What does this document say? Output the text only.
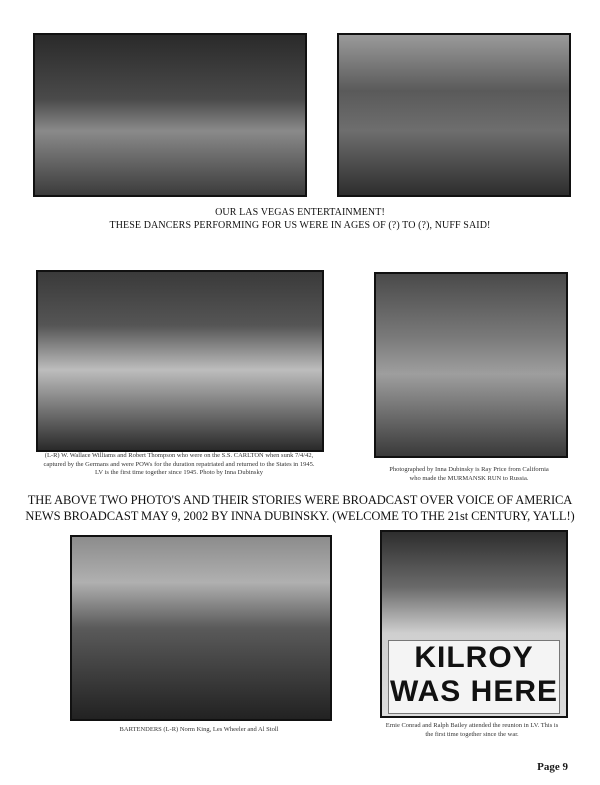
OUR LAS VEGAS ENTERTAINMENT!
THESE DANCERS PERFORMING FOR US WERE IN AGES OF (?) TO (?), NUFF SAID!
(L-R) W. Wallace Williams and Robert Thompson who were on the S.S. CARLTON when sunk 7/4/42, captured by the Germans and were POWs for the duration repatriated and returned to the States in 1945. LV is the first time together since 1945. Photo by Inna Dubinsky	Photographed by Inna Dubinsky is Ray Price from California who made the MURMANSK RUN to Russia.
THE ABOVE TWO PHOTO'S AND THEIR STORIES WERE BROADCAST OVER VOICE OF AMERICA
NEWS BROADCAST MAY 9, 2002 BY INNA DUBINSKY. (WELCOME TO THE 21st CENTURY, YA'LL!)
BARTENDERS (L-R) Norm King, Les Wheeler and Al Stoll
KILROY
WAS HERE
Ernie Conrad and Ralph Bailey attended the reunion in LV. This is the first time together since the war.
Page 9
